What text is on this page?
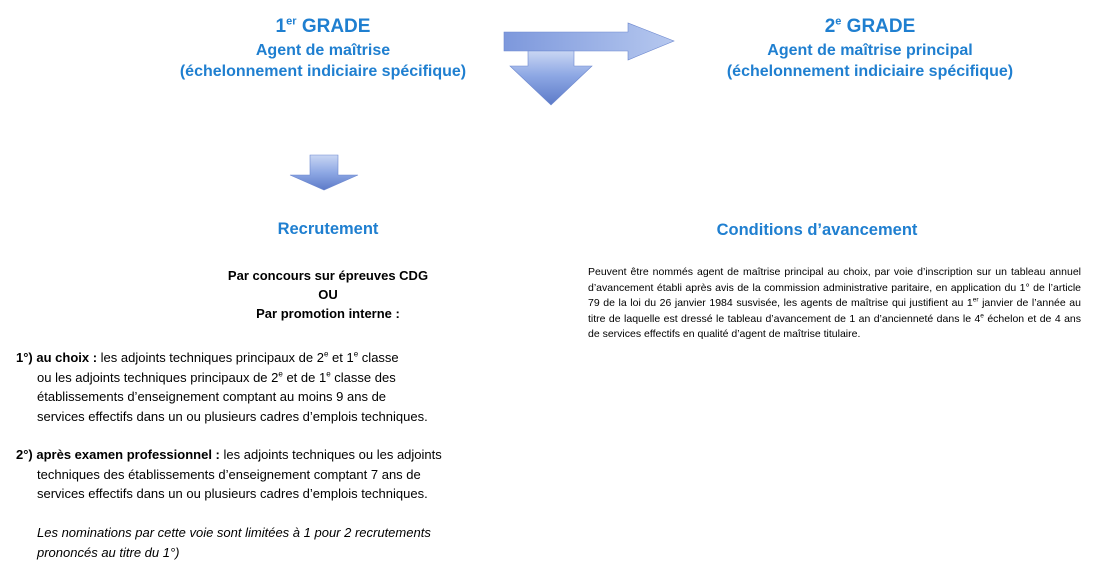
1er GRADE
Agent de maîtrise
(échelonnement indiciaire spécifique)
2e GRADE
Agent de maîtrise principal
(échelonnement indiciaire spécifique)
Recrutement
Par concours sur épreuves CDG
OU
Par promotion interne :
1°) au choix : les adjoints techniques principaux de 2e et 1e classe
ou les adjoints techniques principaux de 2e et de 1e classe des
établissements d’enseignement comptant au moins 9 ans de
services effectifs dans un ou plusieurs cadres d’emplois techniques.
2°) après examen professionnel : les adjoints techniques ou les adjoints
techniques des établissements d’enseignement comptant 7 ans de
services effectifs dans un ou plusieurs cadres d’emplois techniques.
Les nominations par cette voie sont limitées à 1 pour 2 recrutements
prononcés au titre du 1°)
Conditions d’avancement
Peuvent être nommés agent de maîtrise principal au choix, par voie d’inscription sur un tableau annuel d’avancement établi après avis de la commission administrative paritaire, en application du 1° de l’article 79 de la loi du 26 janvier 1984 susvisée, les agents de maîtrise qui justifient au 1er janvier de l’année au titre de laquelle est dressé le tableau d’avancement de 1 an d’ancienneté dans le 4e échelon et de 4 ans de services effectifs en qualité d’agent de maîtrise titulaire.
